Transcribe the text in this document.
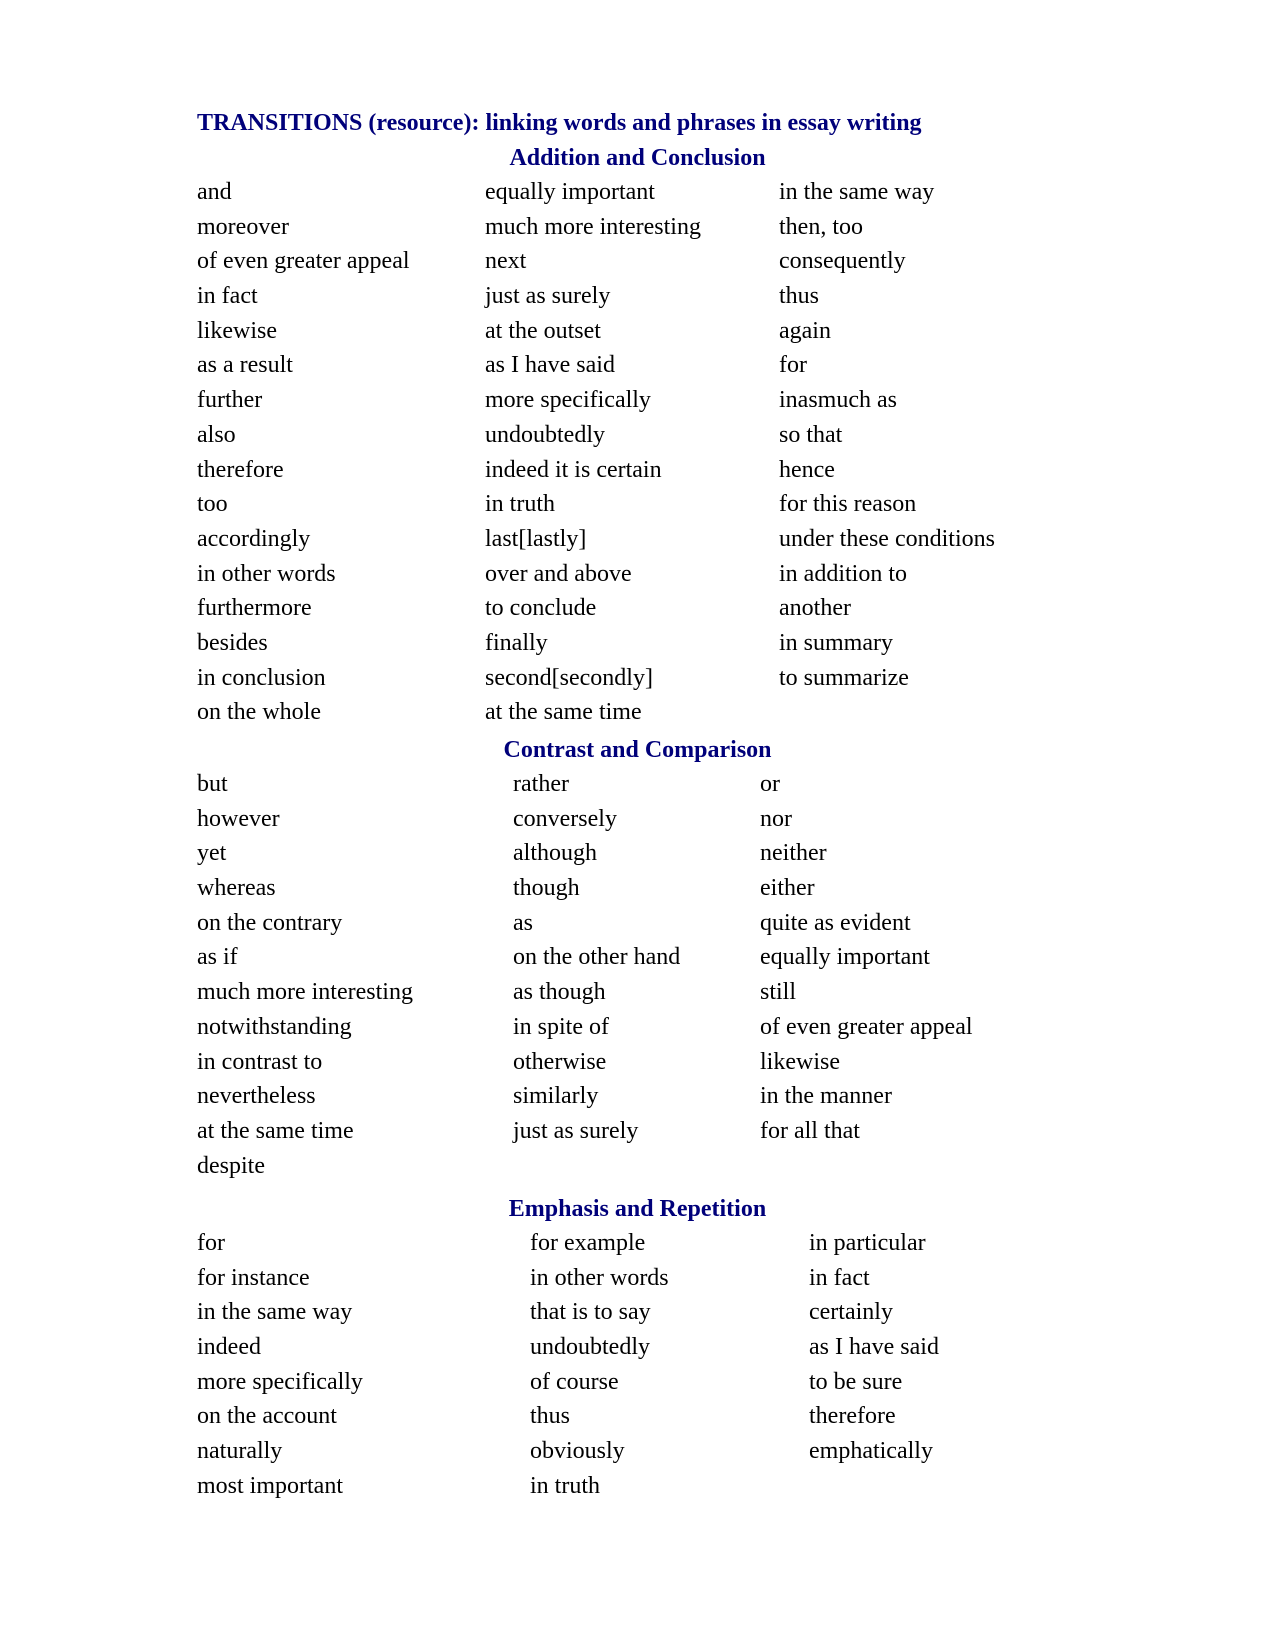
TRANSITIONS (resource): linking words and phrases in essay writing
Addition and Conclusion
and
moreover
of even greater appeal
in fact
likewise
as a result
further
also
therefore
too
accordingly
in other words
furthermore
besides
in conclusion
on the whole
equally important
much more interesting
next
just as surely
at the outset
as I have said
more specifically
undoubtedly
indeed it is certain
in truth
last[lastly]
over and above
to conclude
finally
second[secondly]
at the same time
in the same way
then, too
consequently
thus
again
for
inasmuch as
so that
hence
for this reason
under these conditions
in addition to
another
in summary
to summarize
Contrast and Comparison
but
however
yet
whereas
on the contrary
as if
much more interesting
notwithstanding
in contrast to
nevertheless
at the same time
despite
rather
conversely
although
though
as
on the other hand
as though
in spite of
otherwise
similarly
just as surely
or
nor
neither
either
quite as evident
equally important
still
of even greater appeal
likewise
in the manner
for all that
Emphasis and Repetition
for
for instance
in the same way
indeed
more specifically
on the account
naturally
most important
for example
in other words
that is to say
undoubtedly
of course
thus
obviously
in truth
in particular
in fact
certainly
as I have said
to be sure
therefore
emphatically
